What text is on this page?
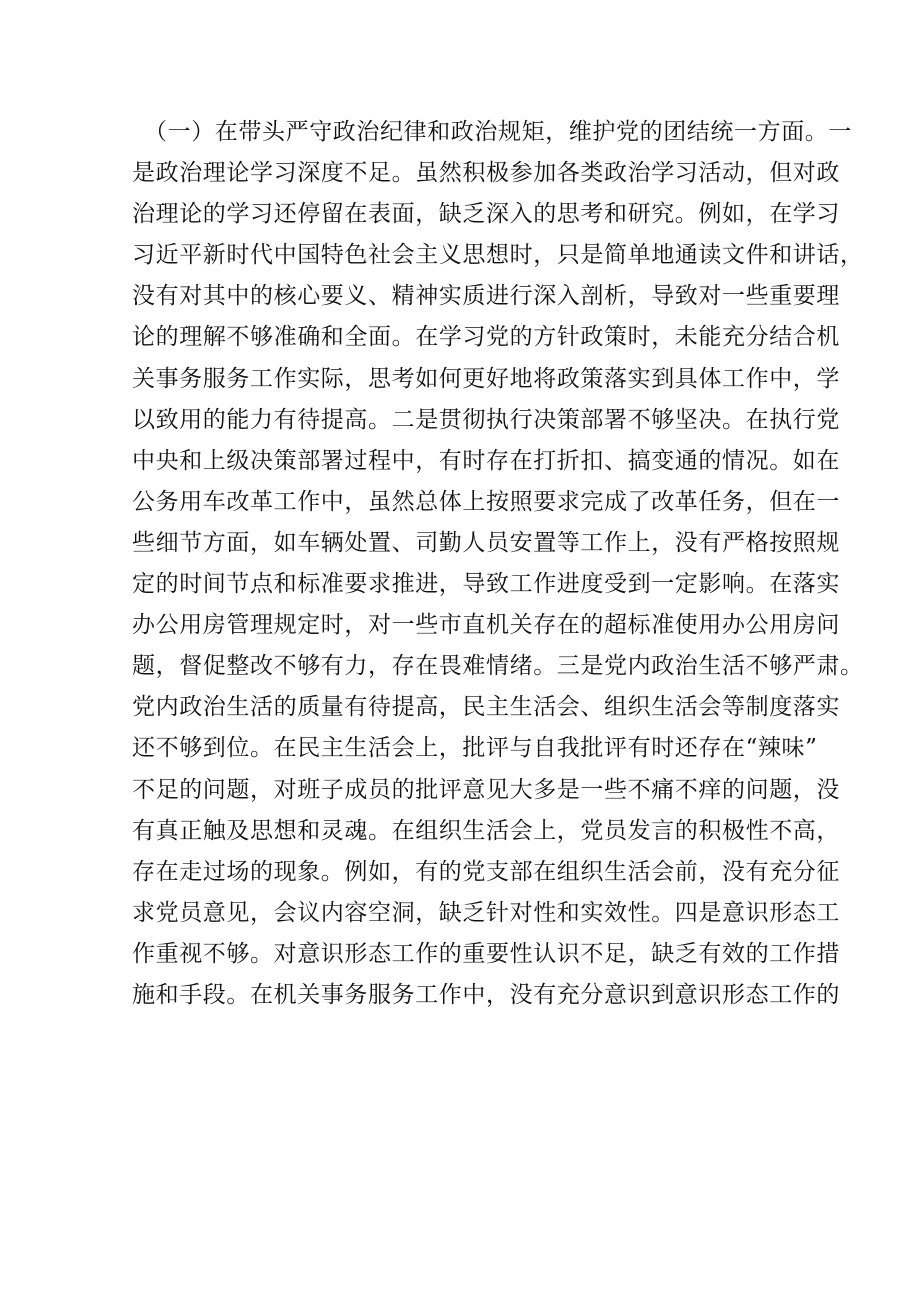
（一）在带头严守政治纪律和政治规矩，维护党的团结统一方面。一
是政治理论学习深度不足。虽然积极参加各类政治学习活动，但对政
治理论的学习还停留在表面，缺乏深入的思考和研究。例如，在学习
习近平新时代中国特色社会主义思想时，只是简单地通读文件和讲话，
没有对其中的核心要义、精神实质进行深入剖析，导致对一些重要理
论的理解不够准确和全面。在学习党的方针政策时，未能充分结合机
关事务服务工作实际，思考如何更好地将政策落实到具体工作中，学
以致用的能力有待提高。二是贯彻执行决策部署不够坚决。在执行党
中央和上级决策部署过程中，有时存在打折扣、搞变通的情况。如在
公务用车改革工作中，虽然总体上按照要求完成了改革任务，但在一
些细节方面，如车辆处置、司勤人员安置等工作上，没有严格按照规
定的时间节点和标准要求推进，导致工作进度受到一定影响。在落实
办公用房管理规定时，对一些市直机关存在的超标准使用办公用房问
题，督促整改不够有力，存在畏难情绪。三是党内政治生活不够严肃。
党内政治生活的质量有待提高，民主生活会、组织生活会等制度落实
还不够到位。在民主生活会上，批评与自我批评有时还存在“辣味”
不足的问题，对班子成员的批评意见大多是一些不痛不痒的问题，没
有真正触及思想和灵魂。在组织生活会上，党员发言的积极性不高，
存在走过场的现象。例如，有的党支部在组织生活会前，没有充分征
求党员意见，会议内容空洞，缺乏针对性和实效性。四是意识形态工
作重视不够。对意识形态工作的重要性认识不足，缺乏有效的工作措
施和手段。在机关事务服务工作中，没有充分意识到意识形态工作的
